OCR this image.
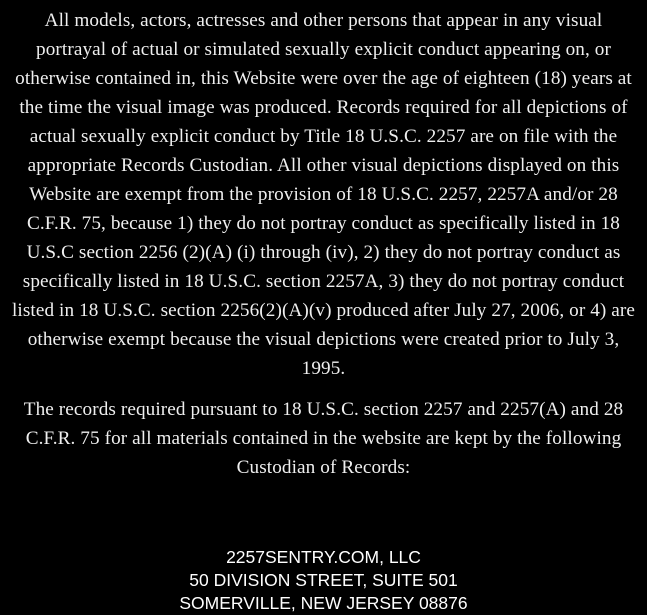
All models, actors, actresses and other persons that appear in any visual portrayal of actual or simulated sexually explicit conduct appearing on, or otherwise contained in, this Website were over the age of eighteen (18) years at the time the visual image was produced. Records required for all depictions of actual sexually explicit conduct by Title 18 U.S.C. 2257 are on file with the appropriate Records Custodian. All other visual depictions displayed on this Website are exempt from the provision of 18 U.S.C. 2257, 2257A and/or 28 C.F.R. 75, because 1) they do not portray conduct as specifically listed in 18 U.S.C section 2256 (2)(A) (i) through (iv), 2) they do not portray conduct as specifically listed in 18 U.S.C. section 2257A, 3) they do not portray conduct listed in 18 U.S.C. section 2256(2)(A)(v) produced after July 27, 2006, or 4) are otherwise exempt because the visual depictions were created prior to July 3, 1995.

The records required pursuant to 18 U.S.C. section 2257 and 2257(A) and 28 C.F.R. 75 for all materials contained in the website are kept by the following Custodian of Records:

2257SENTRY.COM, LLC
50 DIVISION STREET, SUITE 501
SOMERVILLE, NEW JERSEY 08876
